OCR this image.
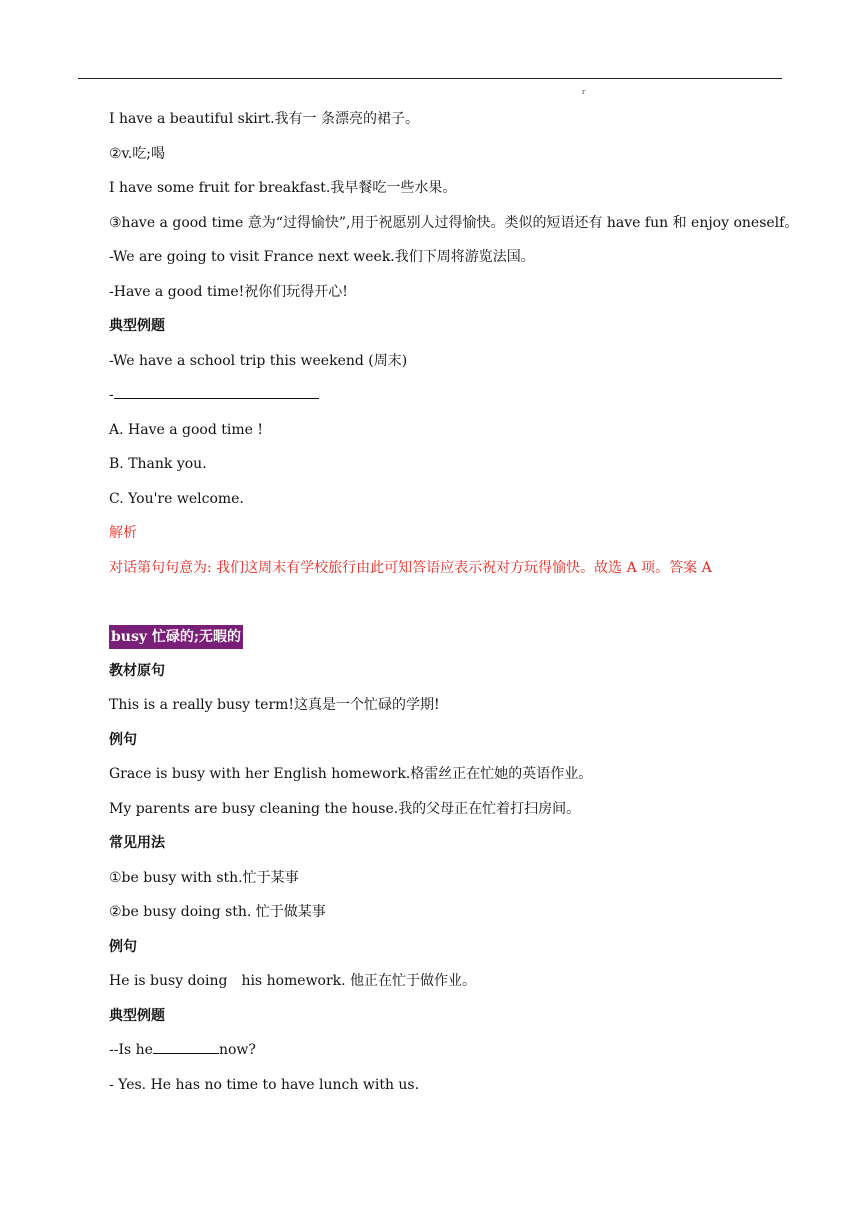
r
I have a beautiful skirt.我有一 条漂亮的裙子。
②v.吃;喝
I have some fruit for breakfast.我早餐吃一些水果。
③have a good time 意为“过得愉快”,用于祝愿别人过得愉快。类似的短语还有 have fun 和 enjoy oneself。
-We are going to visit France next week.我们下周将游览法国。
-Have a good time!祝你们玩得开心!
典型例题
-We have a school trip this weekend (周末)
-
A. Have a good time !
B. Thank you.
C. You're welcome.
解析
对话第句句意为: 我们这周末有学校旅行由此可知答语应表示祝对方玩得愉快。故选 A 项。答案 A
busy 忙碌的;无暇的
教材原句
This is a really busy term!这真是一个忙碌的学期!
例句
Grace is busy with her English homework.格雷丝正在忙她的英语作业。
My parents are busy cleaning the house.我的父母正在忙着打扫房间。
常见用法
①be busy with sth.忙于某事
②be busy doing sth. 忙于做某事
例句
He is busy doing his homework. 他正在忙于做作业。
典型例题
--Is he	now?
- Yes. He has no time to have lunch with us.
